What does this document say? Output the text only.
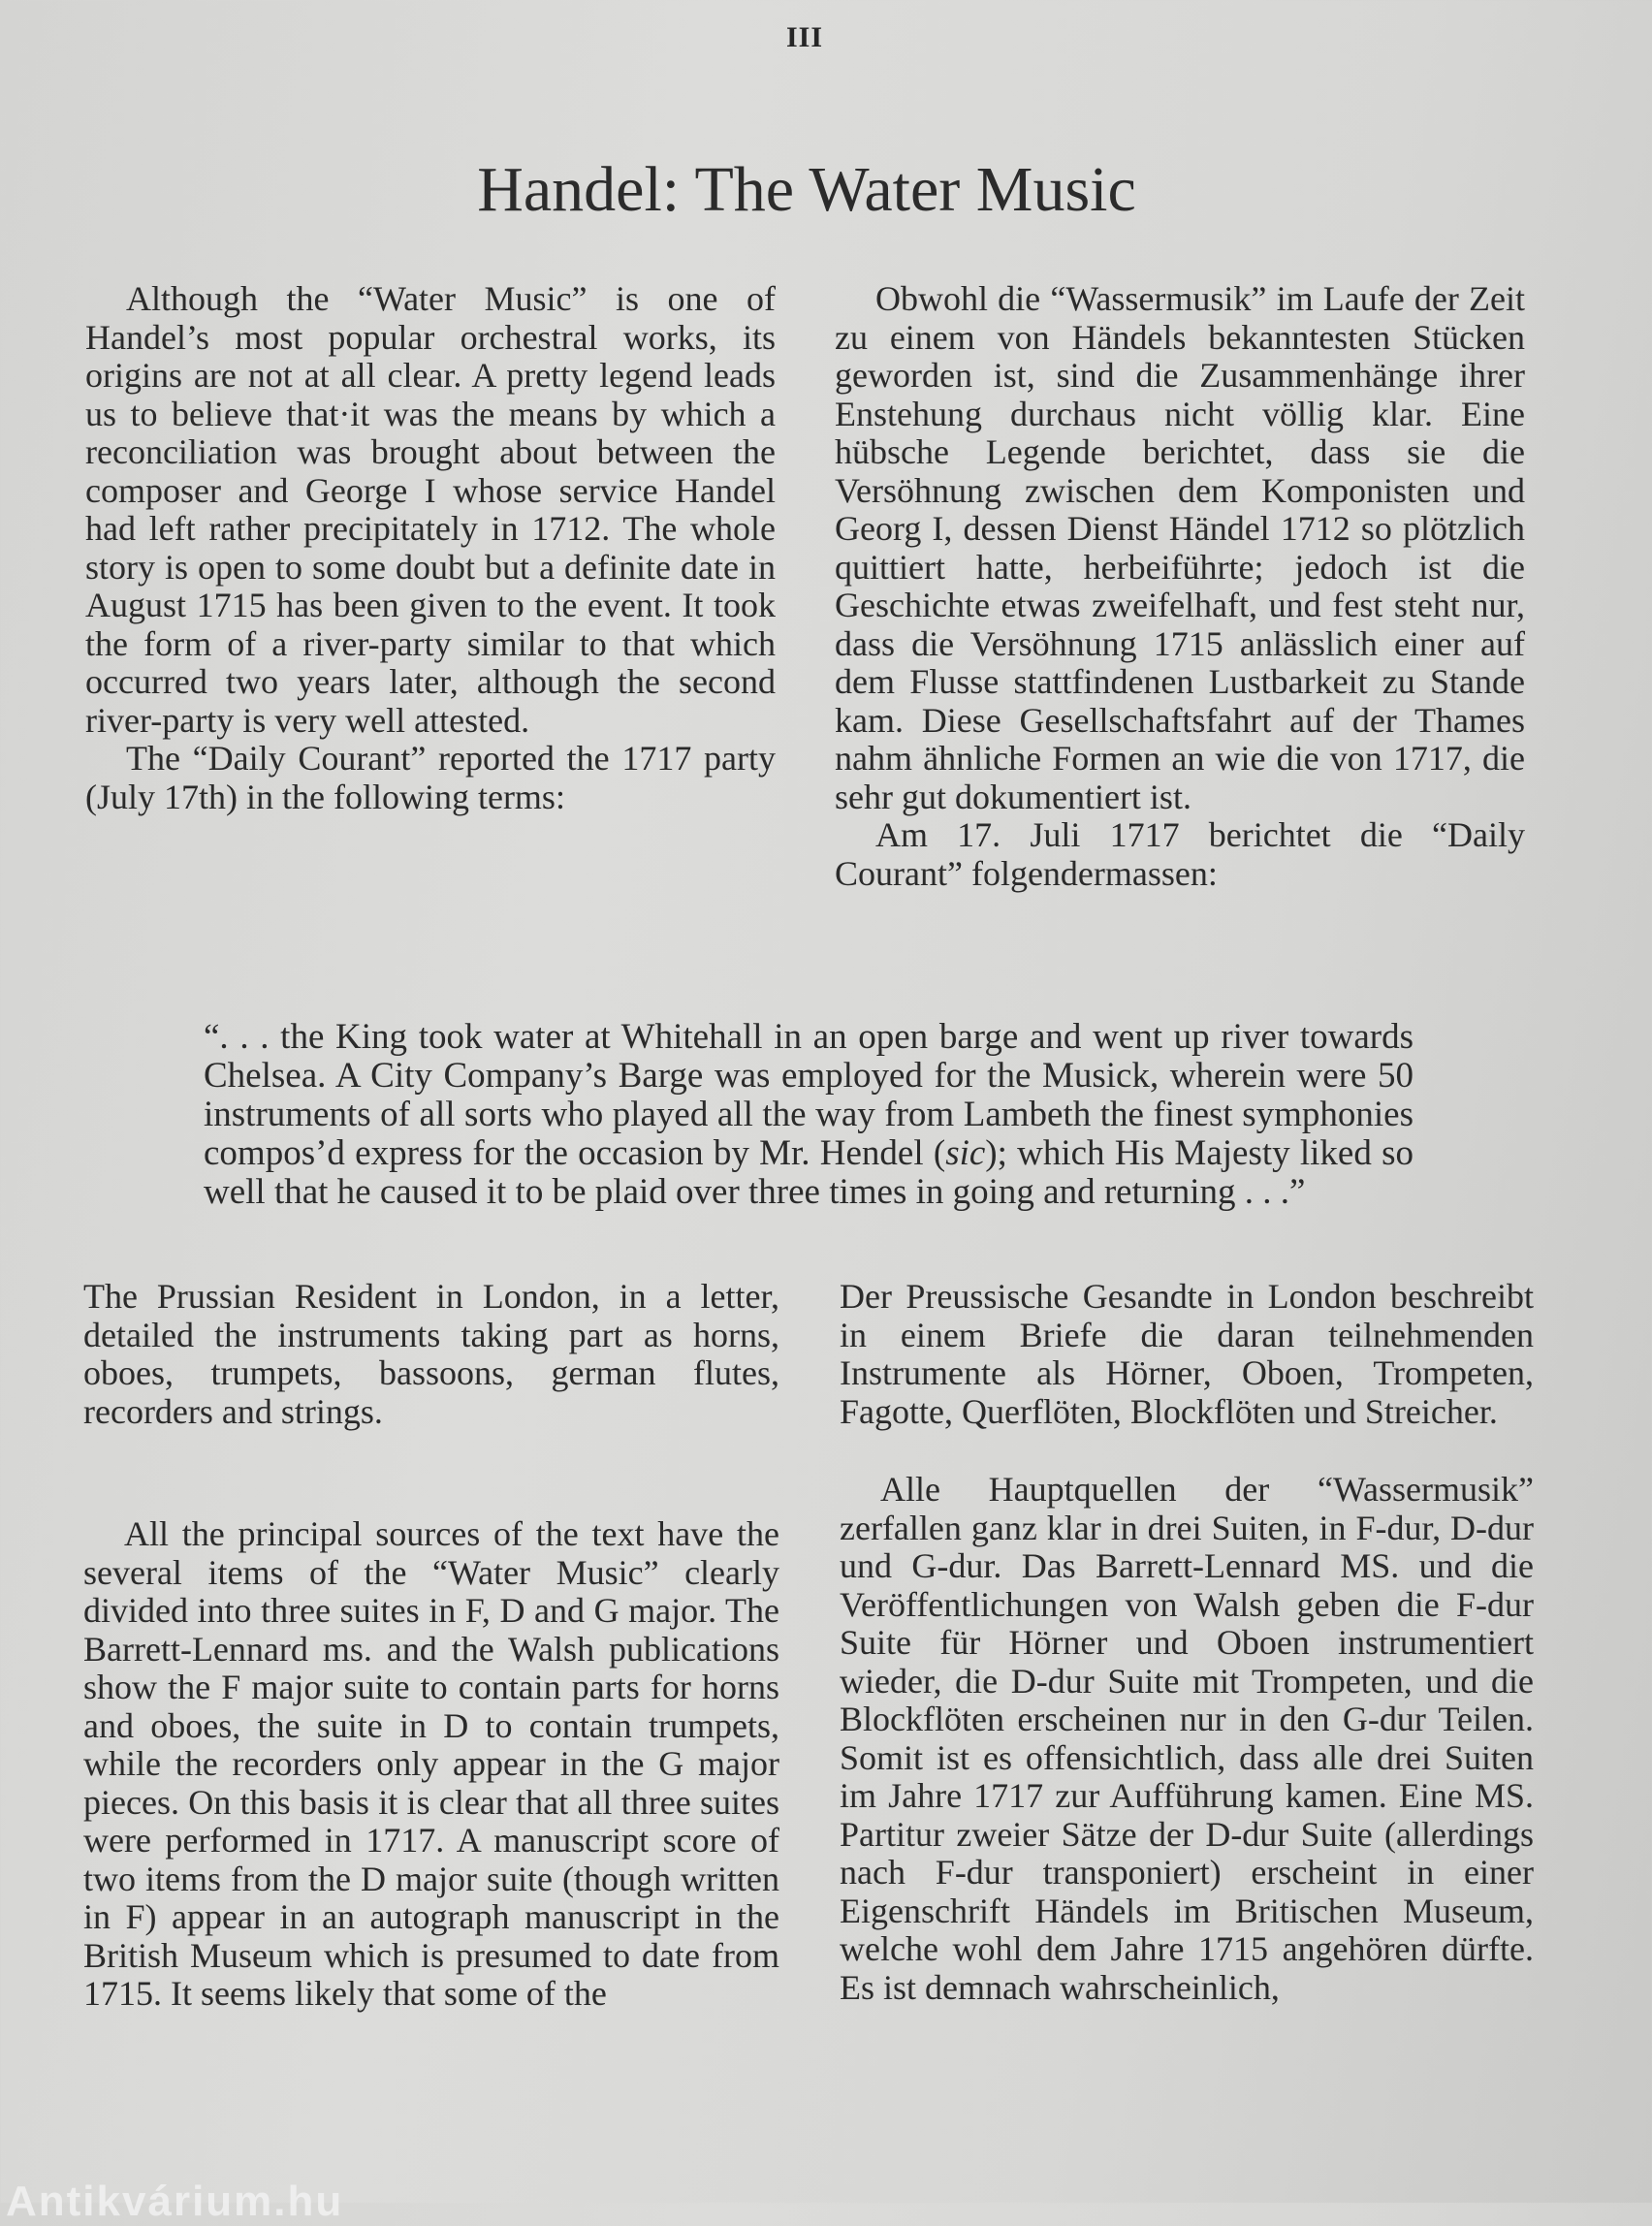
III
Handel: The Water Music

Although the “Water Music” is one of Handel’s most popular orchestral works, its origins are not at all clear. A pretty legend leads us to believe that·it was the means by which a reconciliation was brought about between the composer and George I whose service Handel had left rather precipitately in 1712. The whole story is open to some doubt but a definite date in August 1715 has been given to the event. It took the form of a river-party similar to that which occurred two years later, although the second river-party is very well attested.

The “Daily Courant” reported the 1717 party (July 17th) in the following terms:

Obwohl die “Wassermusik” im Laufe der Zeit zu einem von Händels bekanntesten Stücken geworden ist, sind die Zusammenhänge ihrer Enstehung durchaus nicht völlig klar. Eine hübsche Legende berichtet, dass sie die Versöhnung zwischen dem Komponisten und Georg I, dessen Dienst Händel 1712 so plötzlich quittiert hatte, herbeiführte; jedoch ist die Geschichte etwas zweifelhaft, und fest steht nur, dass die Versöhnung 1715 anlässlich einer auf dem Flusse stattfindenen Lustbarkeit zu Stande kam. Diese Gesellschaftsfahrt auf der Thames nahm ähnliche Formen an wie die von 1717, die sehr gut dokumentiert ist.

Am 17. Juli 1717 berichtet die “Daily Courant” folgendermassen:

“. . . the King took water at Whitehall in an open barge and went up river towards Chelsea. A City Company’s Barge was employed for the Musick, wherein were 50 instruments of all sorts who played all the way from Lambeth the finest symphonies compos’d express for the occasion by Mr. Hendel (sic); which His Majesty liked so well that he caused it to be plaid over three times in going and returning . . .”

The Prussian Resident in London, in a letter, detailed the instruments taking part as horns, oboes, trumpets, bassoons, german flutes, recorders and strings.

All the principal sources of the text have the several items of the “Water Music” clearly divided into three suites in F, D and G major. The Barrett-Lennard ms. and the Walsh publications show the F major suite to contain parts for horns and oboes, the suite in D to contain trumpets, while the recorders only appear in the G major pieces. On this basis it is clear that all three suites were performed in 1717. A manuscript score of two items from the D major suite (though written in F) appear in an autograph manuscript in the British Museum which is presumed to date from 1715. It seems likely that some of the

Der Preussische Gesandte in London beschreibt in einem Briefe die daran teilnehmenden Instrumente als Hörner, Oboen, Trompeten, Fagotte, Querflöten, Blockflöten und Streicher.

Alle Hauptquellen der “Wassermusik” zerfallen ganz klar in drei Suiten, in F-dur, D-dur und G-dur. Das Barrett-Lennard MS. und die Veröffentlichungen von Walsh geben die F-dur Suite für Hörner und Oboen instrumentiert wieder, die D-dur Suite mit Trompeten, und die Blockflöten erscheinen nur in den G-dur Teilen. Somit ist es offensichtlich, dass alle drei Suiten im Jahre 1717 zur Aufführung kamen. Eine MS. Partitur zweier Sätze der D-dur Suite (allerdings nach F-dur transponiert) erscheint in einer Eigenschrift Händels im Britischen Museum, welche wohl dem Jahre 1715 angehören dürfte. Es ist demnach wahrscheinlich,

Antikvárium.hu
